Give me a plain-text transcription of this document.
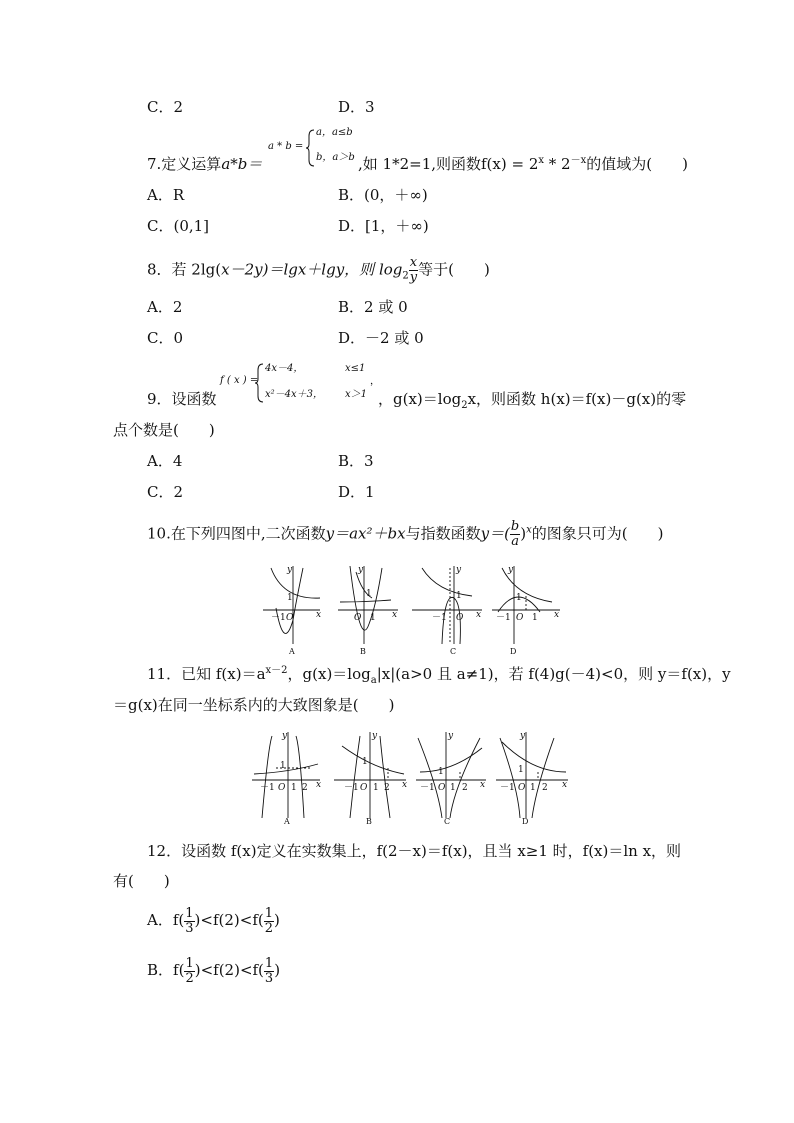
C．2	D．3
7.定义运算a*b＝
a * b =
a，a≤b
b，a＞b ,如 1*2=1,则函数$f(x) = 2^x * 2^{-x}$的值域为(　　)
A．R	B．(0，＋∞)
C．(0,1]	D．[1，＋∞)
8．若 2lg(x－2y)＝lgx＋lgy，则 $\log_2 \frac{x}{y}$ 等于(　　)
A．2	B．2 或 0
C．0	D．－2 或 0
9．设函数
f ( x ) =
4x－4，	x≤1
x²－4x＋3， x＞1
，
，$g(x)=\log_2x$，则函数 h(x)＝f(x)－g(x)的零
点个数是(　　)
A．4	B．3
C．2	D．1
10.在下列四图中,二次函数y＝ax²＋bx与指数函数$y=( \frac{b}{a} )^x$的图象只可为(　　)
y
x
1
－1 O
A
y
x
1
O 1
B
y
x
1
－1 O
C
y
x
1
－1 O 1
D
11．已知 $f(x)=a^{x-2}$，$g(x)=\log_a|x|(a>0$ 且 a≠1)，若 f(4)g(－4)<0，则 y＝f(x)，y
＝g(x)在同一坐标系内的大致图象是(　　)
y
x
1
－1 O 1 2
A
y
x
1
－1 O 1 2
B
y
x
1
－1 O 1 2
C
y
x
1
－1 O 1 2
D
12．设函数 f(x)定义在实数集上，f(2－x)＝f(x)，且当 x≥1 时，f(x)＝ln x，则
有(　　)
A．$f( \frac{1}{3} )<f(2)<f( \frac{1}{2}$ )
B．$f( \frac{1}{2} )<f(2)<f( \frac{1}{3}$ )
